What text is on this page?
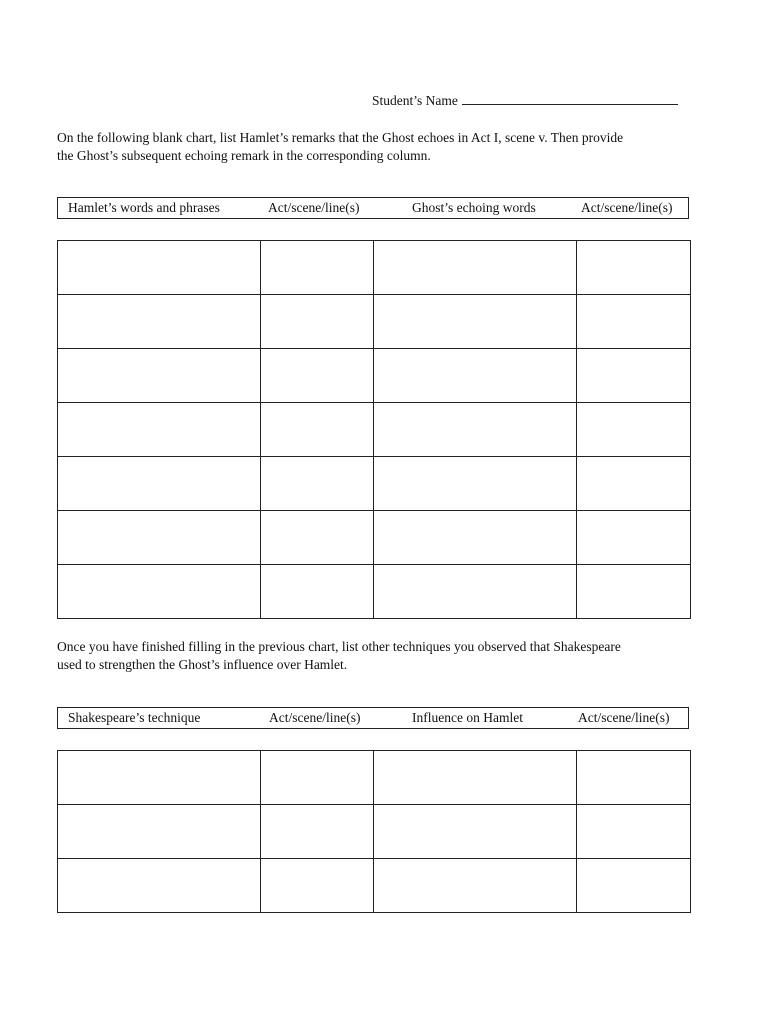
Student’s Name
On the following blank chart, list Hamlet’s remarks that the Ghost echoes in Act I, scene v. Then provide
the Ghost’s subsequent echoing remark in the corresponding column.
Hamlet’s words and phrases	Act/scene/line(s)	Ghost’s echoing words	Act/scene/line(s)

Once you have finished filling in the previous chart, list other techniques you observed that Shakespeare
used to strengthen the Ghost’s influence over Hamlet.
Shakespeare’s technique	Act/scene/line(s)	Influence on Hamlet	Act/scene/line(s)
